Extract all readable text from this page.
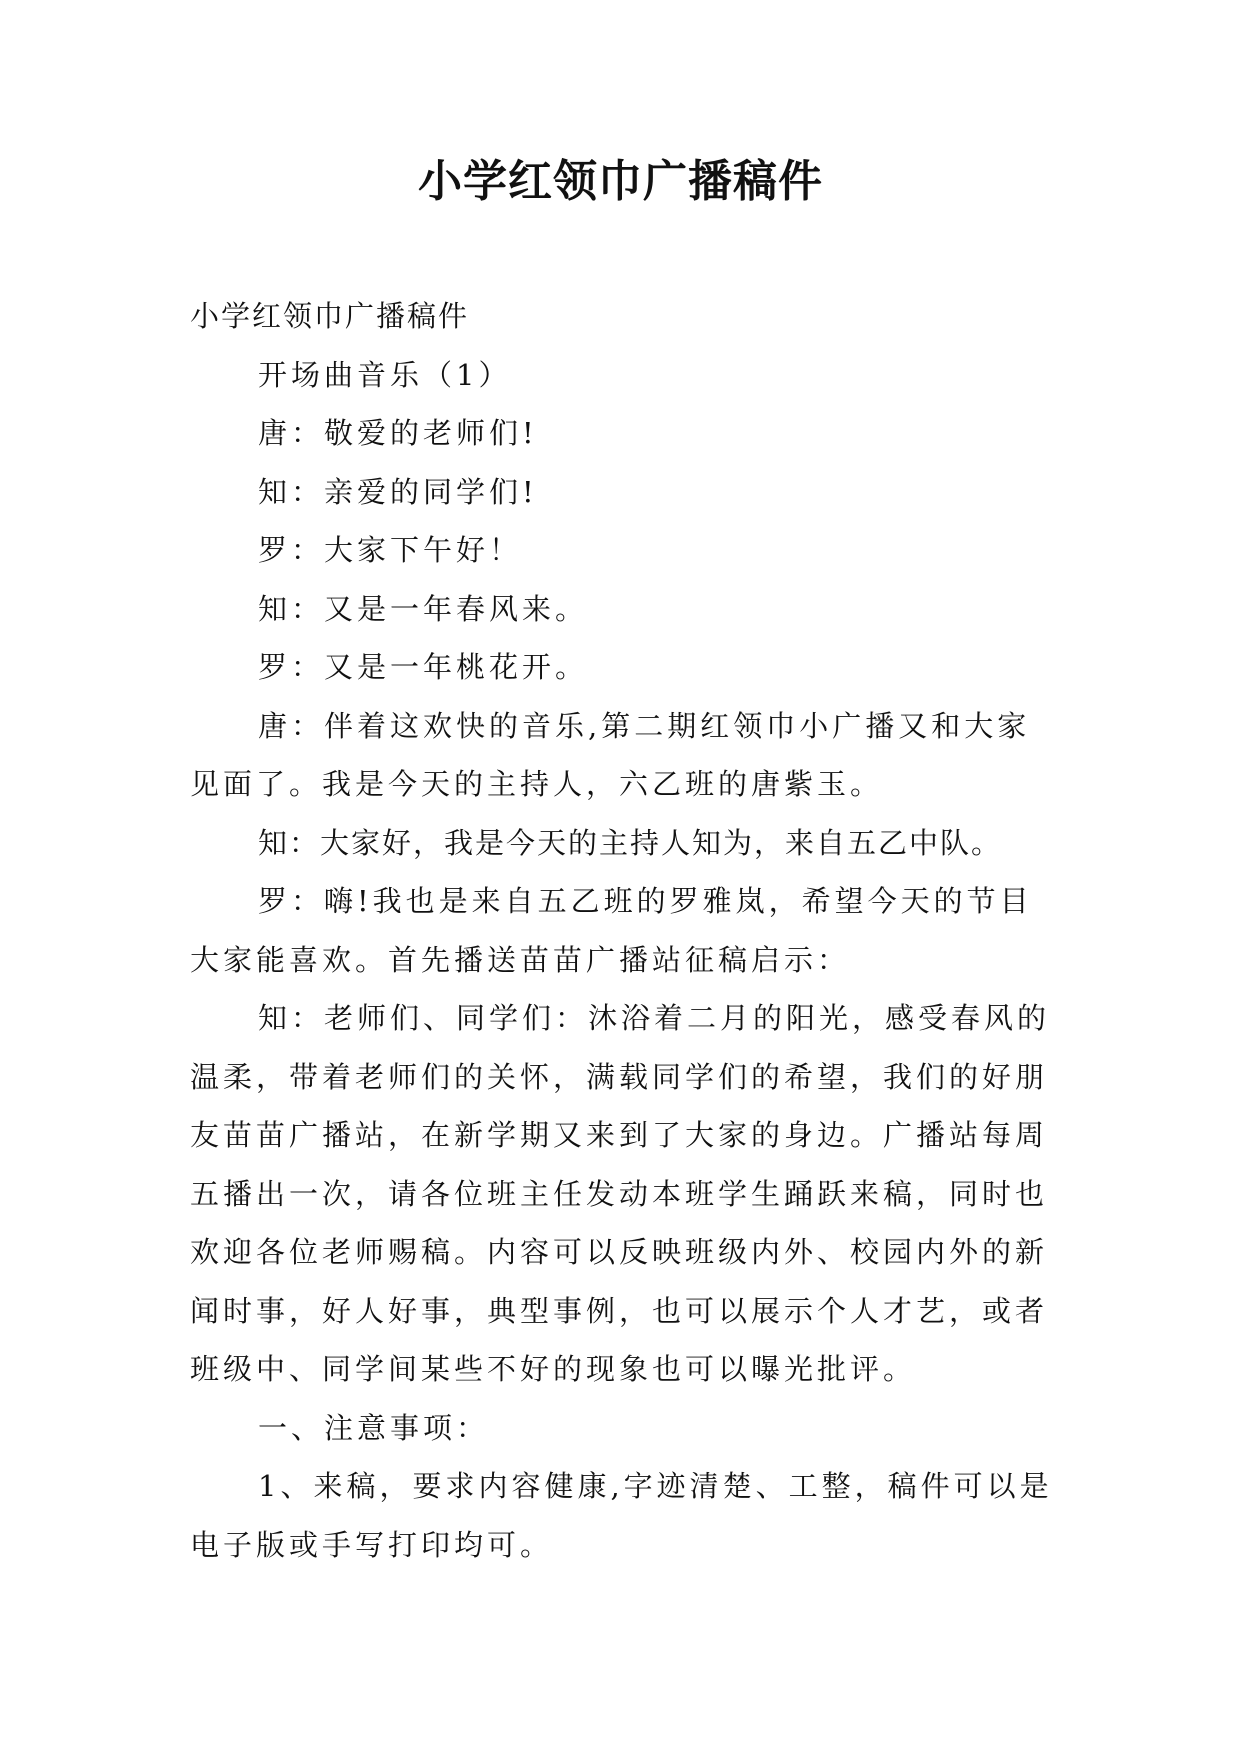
小学红领巾广播稿件

小学红领巾广播稿件

开场曲音乐（1）

唐：敬爱的老师们!

知：亲爱的同学们!

罗：大家下午好！

知：又是一年春风来。

罗：又是一年桃花开。

唐：伴着这欢快的音乐,第二期红领巾小广播又和大家见面了。我是今天的主持人，六乙班的唐紫玉。

知：大家好，我是今天的主持人知为，来自五乙中队。

罗：嗨!我也是来自五乙班的罗雅岚，希望今天的节目大家能喜欢。首先播送苗苗广播站征稿启示：

知：老师们、同学们：沐浴着二月的阳光，感受春风的温柔，带着老师们的关怀，满载同学们的希望，我们的好朋友苗苗广播站，在新学期又来到了大家的身边。广播站每周五播出一次，请各位班主任发动本班学生踊跃来稿，同时也欢迎各位老师赐稿。内容可以反映班级内外、校园内外的新闻时事，好人好事，典型事例，也可以展示个人才艺，或者班级中、同学间某些不好的现象也可以曝光批评。

一、注意事项：

1、来稿，要求内容健康,字迹清楚、工整，稿件可以是电子版或手写打印均可。
